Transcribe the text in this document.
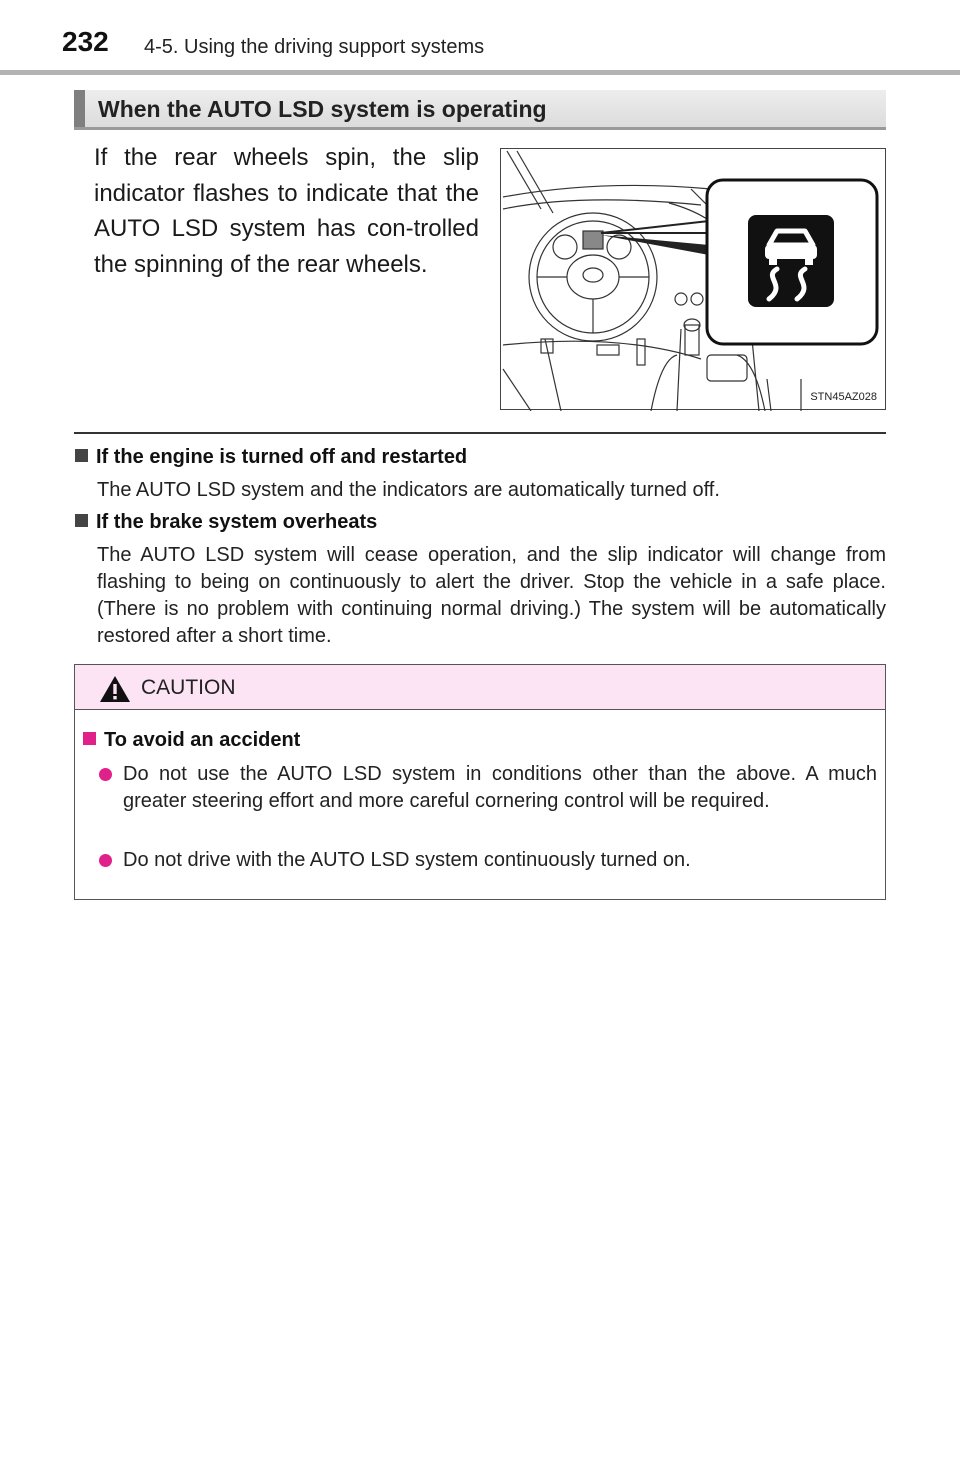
232 4-5. Using the driving support systems
When the AUTO LSD system is operating
If the rear wheels spin, the slip indicator flashes to indicate that the AUTO LSD system has con-trolled the spinning of the rear wheels.
STN45AZ028
If the engine is turned off and restarted
The AUTO LSD system and the indicators are automatically turned off.
If the brake system overheats
The AUTO LSD system will cease operation, and the slip indicator will change from flashing to being on continuously to alert the driver. Stop the vehicle in a safe place. (There is no problem with continuing normal driving.) The system will be automatically restored after a short time.
CAUTION
To avoid an accident
Do not use the AUTO LSD system in conditions other than the above. A much greater steering effort and more careful cornering control will be required.
Do not drive with the AUTO LSD system continuously turned on.
